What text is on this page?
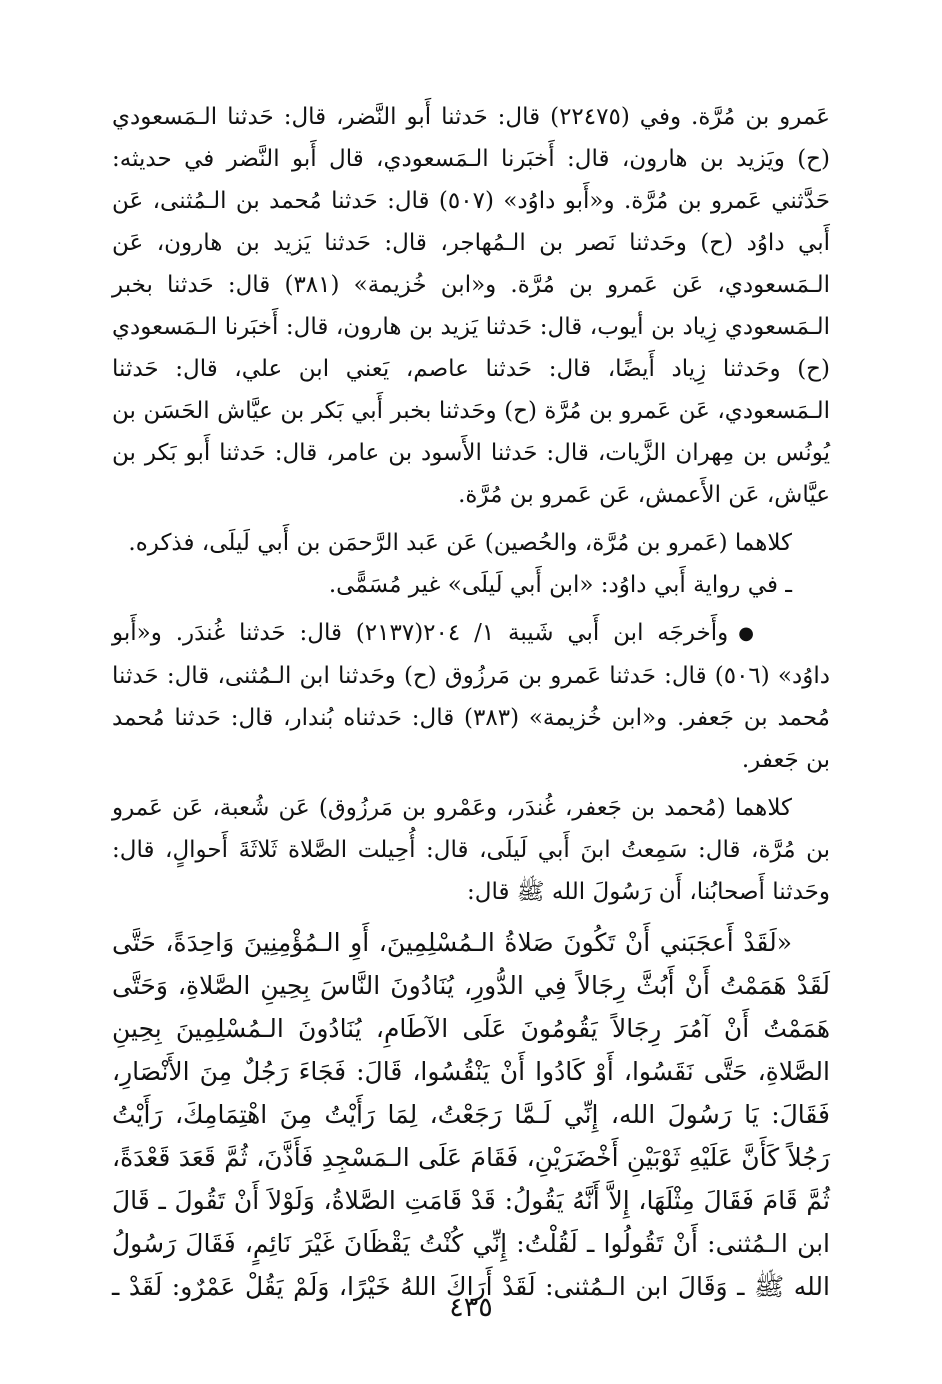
عَمرو بن مُرَّة. وفي (٢٢٤٧٥) قال: حَدثنا أَبو النَّضر، قال: حَدثنا الـمَسعودي (ح) ويَزيد بن هارون، قال: أَخبَرنا الـمَسعودي، قال أَبو النَّضر في حديثه: حَدَّثني عَمرو بن مُرَّة. و«أَبو داوُد» (٥٠٧) قال: حَدثنا مُحمد بن الـمُثنى، عَن أَبي داوُد (ح) وحَدثنا نَصر بن الـمُهاجر، قال: حَدثنا يَزيد بن هارون، عَن الـمَسعودي، عَن عَمرو بن مُرَّة. و«ابن خُزيمة» (٣٨١) قال: حَدثنا بخبر الـمَسعودي زِياد بن أيوب، قال: حَدثنا يَزيد بن هارون، قال: أَخبَرنا الـمَسعودي (ح) وحَدثنا زِياد أَيضًا، قال: حَدثنا عاصم، يَعني ابن علي، قال: حَدثنا الـمَسعودي، عَن عَمرو بن مُرَّة (ح) وحَدثنا بخبر أَبي بَكر بن عيَّاش الحَسَن بن يُونُس بن مِهران الزَّيات، قال: حَدثنا الأَسود بن عامر، قال: حَدثنا أَبو بَكر بن عيَّاش، عَن الأَعمش، عَن عَمرو بن مُرَّة.

كلاهما (عَمرو بن مُرَّة، والحُصين) عَن عَبد الرَّحمَن بن أَبي لَيلَى، فذكره.

ـ في رواية أَبي داوُد: «ابن أَبي لَيلَى» غير مُسَمًّى.

●وأَخرجَه ابن أَبي شَيبة ١/ ٢٠٤(٢١٣٧) قال: حَدثنا غُندَر. و«أَبو داوُد» (٥٠٦) قال: حَدثنا عَمرو بن مَرزُوق (ح) وحَدثنا ابن الـمُثنى، قال: حَدثنا مُحمد بن جَعفر. و«ابن خُزيمة» (٣٨٣) قال: حَدثناه بُندار، قال: حَدثنا مُحمد بن جَعفر.

كلاهما (مُحمد بن جَعفر، غُندَر، وعَمْرو بن مَرزُوق) عَن شُعبة، عَن عَمرو بن مُرَّة، قال: سَمِعتُ ابنَ أَبي لَيلَى، قال: أُحِيلت الصَّلاة ثَلاثَةَ أَحوالٍ، قال: وحَدثنا أَصحابُنا، أَن رَسُولَ الله ﷺ قال:

«لَقَدْ أَعجَبَني أَنْ تَكُونَ صَلاةُ الـمُسْلِمِينَ، أَوِ الـمُؤْمِنِينَ وَاحِدَةً، حَتَّى لَقَدْ هَمَمْتُ أَنْ أَبُثَّ رِجَالاً فِي الدُّورِ، يُنَادُونَ النَّاسَ بِحِينِ الصَّلاةِ، وَحَتَّى هَمَمْتُ أَنْ آمُرَ رِجَالاً يَقُومُونَ عَلَى الآطَامِ، يُنَادُونَ الـمُسْلِمِينَ بِحِينِ الصَّلاةِ، حَتَّى نَقَسُوا، أَوْ كَادُوا أَنْ يَنْقُسُوا، قَالَ: فَجَاءَ رَجُلٌ مِنَ الأَنْصَارِ، فَقَالَ: يَا رَسُولَ الله، إِنِّي لَـمَّا رَجَعْتُ، لِمَا رَأَيْتُ مِنَ اهْتِمَامِكَ، رَأَيْتُ رَجُلاً كَأَنَّ عَلَيْهِ ثَوْبَيْنِ أَخْضَرَيْنِ، فَقَامَ عَلَى الـمَسْجِدِ فَأَذَّنَ، ثُمَّ قَعَدَ قَعْدَةً، ثُمَّ قَامَ فَقَالَ مِثْلَهَا، إِلاَّ أَنَّهُ يَقُولُ: قَدْ قَامَتِ الصَّلاةُ، وَلَوْلاَ أَنْ تَقُولَ ـ قَالَ ابن الـمُثنى: أَنْ تَقُولُوا ـ لَقُلْتُ: إِنِّي كُنْتُ يَقْظَانَ غَيْرَ نَائِمٍ، فَقَالَ رَسُولُ الله ﷺ ـ وَقَالَ ابن الـمُثنى: لَقَدْ أَرَاكَ اللهُ خَيْرًا، وَلَمْ يَقُلْ عَمْرٌو: لَقَدْ ـ

٤٣٥
